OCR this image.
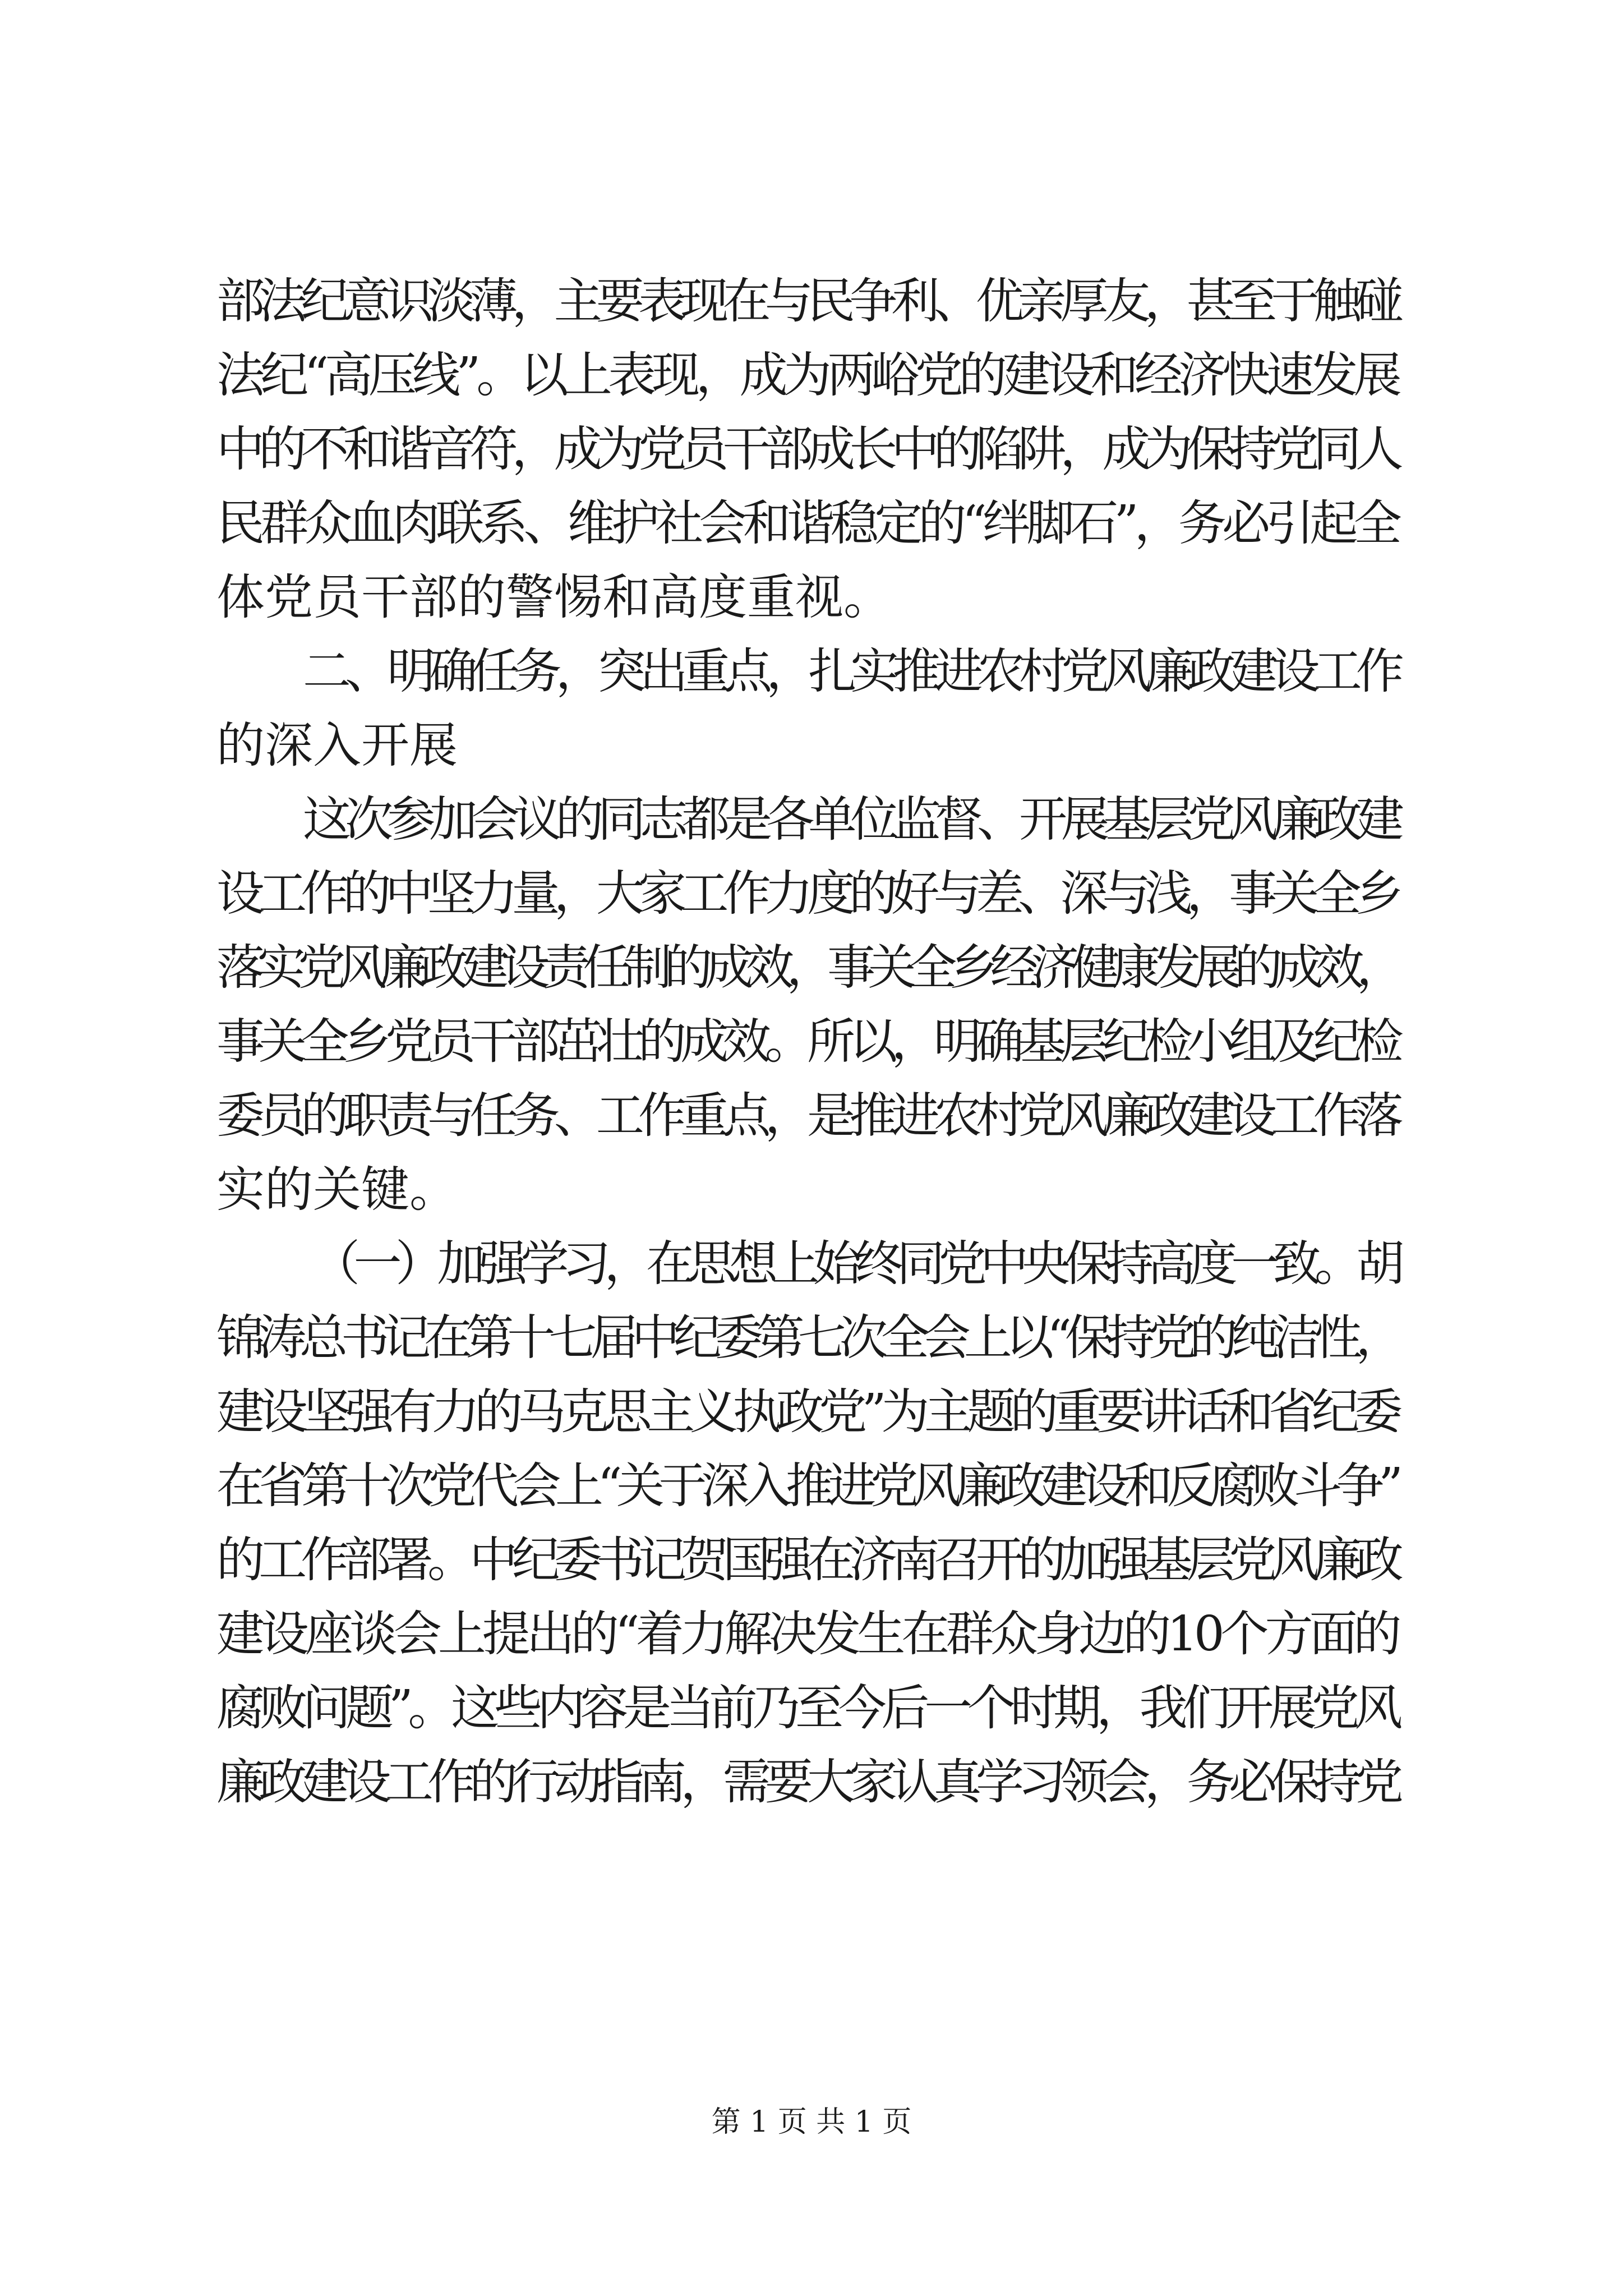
部法纪意识淡薄，主要表现在与民争利、优亲厚友，甚至于触碰

法纪“高压线”。以上表现，成为两峪党的建设和经济快速发展

中的不和谐音符，成为党员干部成长中的陷阱，成为保持党同人

民群众血肉联系、维护社会和谐稳定的“绊脚石”，务必引起全

体党员干部的警惕和高度重视。

二、明确任务，突出重点，扎实推进农村党风廉政建设工作

的深入开展

这次参加会议的同志都是各单位监督、开展基层党风廉政建

设工作的中坚力量，大家工作力度的好与差、深与浅，事关全乡

落实党风廉政建设责任制的成效，事关全乡经济健康发展的成效，

事关全乡党员干部茁壮的成效。所以，明确基层纪检小组及纪检

委员的职责与任务、工作重点，是推进农村党风廉政建设工作落

实的关键。

（一）加强学习，在思想上始终同党中央保持高度一致。胡

锦涛总书记在第十七届中纪委第七次全会上以“保持党的纯洁性，

建设坚强有力的马克思主义执政党”为主题的重要讲话和省纪委

在省第十次党代会上“关于深入推进党风廉政建设和反腐败斗争”

的工作部署。中纪委书记贺国强在济南召开的加强基层党风廉政

建设座谈会上提出的“着力解决发生在群众身边的10个方面的

腐败问题”。这些内容是当前乃至今后一个时期，我们开展党风

廉政建设工作的行动指南，需要大家认真学习领会，务必保持党

第 1 页 共 1 页
